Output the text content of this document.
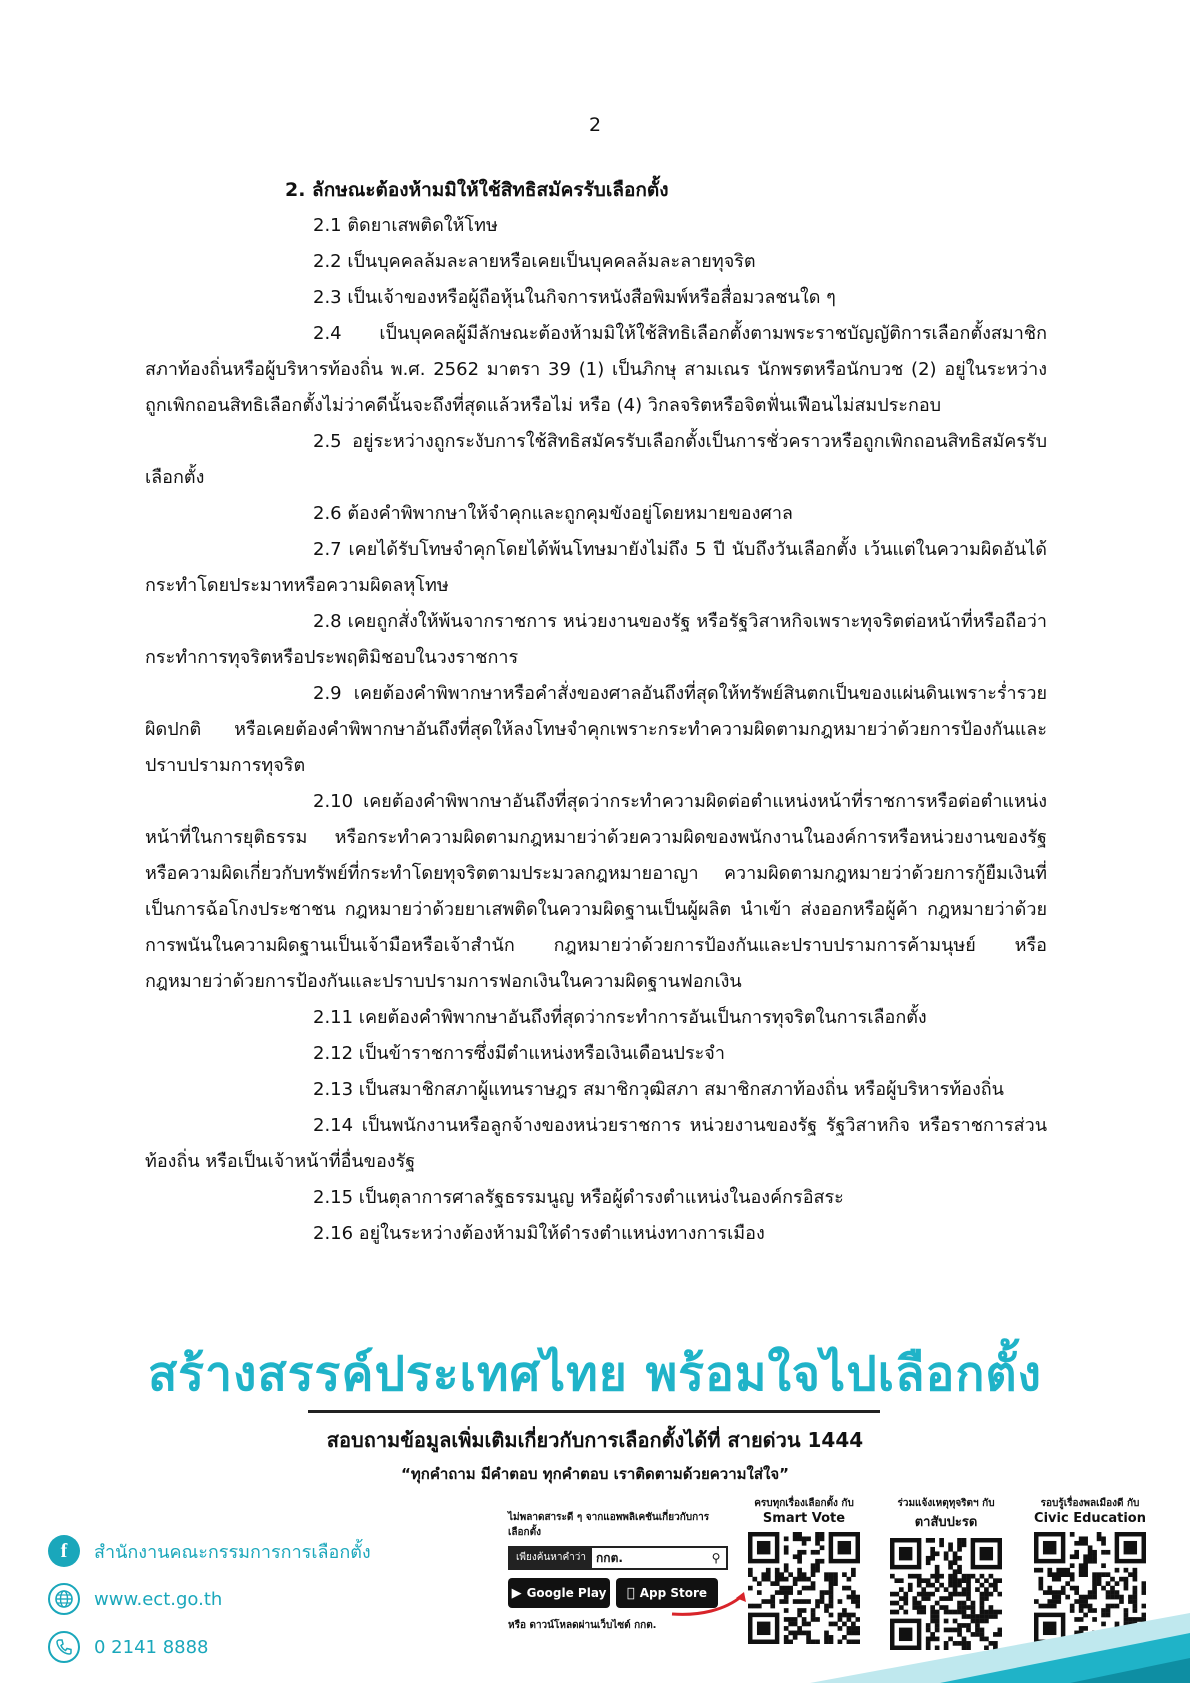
2
2. ลักษณะต้องห้ามมิให้ใช้สิทธิสมัครรับเลือกตั้ง

2.1 ติดยาเสพติดให้โทษ

2.2 เป็นบุคคลล้มละลายหรือเคยเป็นบุคคลล้มละลายทุจริต

2.3 เป็นเจ้าของหรือผู้ถือหุ้นในกิจการหนังสือพิมพ์หรือสื่อมวลชนใด ๆ

2.4 เป็นบุคคลผู้มีลักษณะต้องห้ามมิให้ใช้สิทธิเลือกตั้งตามพระราชบัญญัติการเลือกตั้งสมาชิกสภาท้องถิ่นหรือผู้บริหารท้องถิ่น พ.ศ. 2562 มาตรา 39 (1) เป็นภิกษุ สามเณร นักพรตหรือนักบวช (2) อยู่ในระหว่างถูกเพิกถอนสิทธิเลือกตั้งไม่ว่าคดีนั้นจะถึงที่สุดแล้วหรือไม่ หรือ (4) วิกลจริตหรือจิตฟั่นเฟือนไม่สมประกอบ

2.5 อยู่ระหว่างถูกระงับการใช้สิทธิสมัครรับเลือกตั้งเป็นการชั่วคราวหรือถูกเพิกถอนสิทธิสมัครรับเลือกตั้ง

2.6 ต้องคำพิพากษาให้จำคุกและถูกคุมขังอยู่โดยหมายของศาล

2.7 เคยได้รับโทษจำคุกโดยได้พ้นโทษมายังไม่ถึง 5 ปี นับถึงวันเลือกตั้ง เว้นแต่ในความผิดอันได้กระทำโดยประมาทหรือความผิดลหุโทษ

2.8 เคยถูกสั่งให้พ้นจากราชการ หน่วยงานของรัฐ หรือรัฐวิสาหกิจเพราะทุจริตต่อหน้าที่หรือถือว่ากระทำการทุจริตหรือประพฤติมิชอบในวงราชการ

2.9 เคยต้องคำพิพากษาหรือคำสั่งของศาลอันถึงที่สุดให้ทรัพย์สินตกเป็นของแผ่นดินเพราะร่ำรวยผิดปกติ หรือเคยต้องคำพิพากษาอันถึงที่สุดให้ลงโทษจำคุกเพราะกระทำความผิดตามกฎหมายว่าด้วยการป้องกันและปราบปรามการทุจริต

2.10 เคยต้องคำพิพากษาอันถึงที่สุดว่ากระทำความผิดต่อตำแหน่งหน้าที่ราชการหรือต่อตำแหน่งหน้าที่ในการยุติธรรม หรือกระทำความผิดตามกฎหมายว่าด้วยความผิดของพนักงานในองค์การหรือหน่วยงานของรัฐ หรือความผิดเกี่ยวกับทรัพย์ที่กระทำโดยทุจริตตามประมวลกฎหมายอาญา ความผิดตามกฎหมายว่าด้วยการกู้ยืมเงินที่เป็นการฉ้อโกงประชาชน กฎหมายว่าด้วยยาเสพติดในความผิดฐานเป็นผู้ผลิต นำเข้า ส่งออกหรือผู้ค้า กฎหมายว่าด้วยการพนันในความผิดฐานเป็นเจ้ามือหรือเจ้าสำนัก กฎหมายว่าด้วยการป้องกันและปราบปรามการค้ามนุษย์ หรือกฎหมายว่าด้วยการป้องกันและปราบปรามการฟอกเงินในความผิดฐานฟอกเงิน

2.11 เคยต้องคำพิพากษาอันถึงที่สุดว่ากระทำการอันเป็นการทุจริตในการเลือกตั้ง

2.12 เป็นข้าราชการซึ่งมีตำแหน่งหรือเงินเดือนประจำ

2.13 เป็นสมาชิกสภาผู้แทนราษฎร สมาชิกวุฒิสภา สมาชิกสภาท้องถิ่น หรือผู้บริหารท้องถิ่น

2.14 เป็นพนักงานหรือลูกจ้างของหน่วยราชการ หน่วยงานของรัฐ รัฐวิสาหกิจ หรือราชการส่วนท้องถิ่น หรือเป็นเจ้าหน้าที่อื่นของรัฐ

2.15 เป็นตุลาการศาลรัฐธรรมนูญ หรือผู้ดำรงตำแหน่งในองค์กรอิสระ

2.16 อยู่ในระหว่างต้องห้ามมิให้ดำรงตำแหน่งทางการเมือง

สร้างสรรค์ประเทศไทย พร้อมใจไปเลือกตั้ง
สอบถามข้อมูลเพิ่มเติมเกี่ยวกับการเลือกตั้งได้ที่ สายด่วน 1444
“ทุกคำถาม มีคำตอบ ทุกคำตอบ เราติดตามด้วยความใส่ใจ”
f	สำนักงานคณะกรรมการการเลือกตั้ง
www.ect.go.th
0 2141 8888
ไม่พลาดสาระดี ๆ จากแอพพลิเคชันเกี่ยวกับการเลือกตั้ง
เพียงค้นหาคำว่า กกต.	⚲
▶ Google Play App Store
หรือ ดาวน์โหลดผ่านเว็บไซต์ กกต.
ครบทุกเรื่องเลือกตั้ง กับ
Smart Vote
ร่วมแจ้งเหตุทุจริตฯ กับ
ตาสับปะรด
รอบรู้เรื่องพลเมืองดี กับ
Civic Education
